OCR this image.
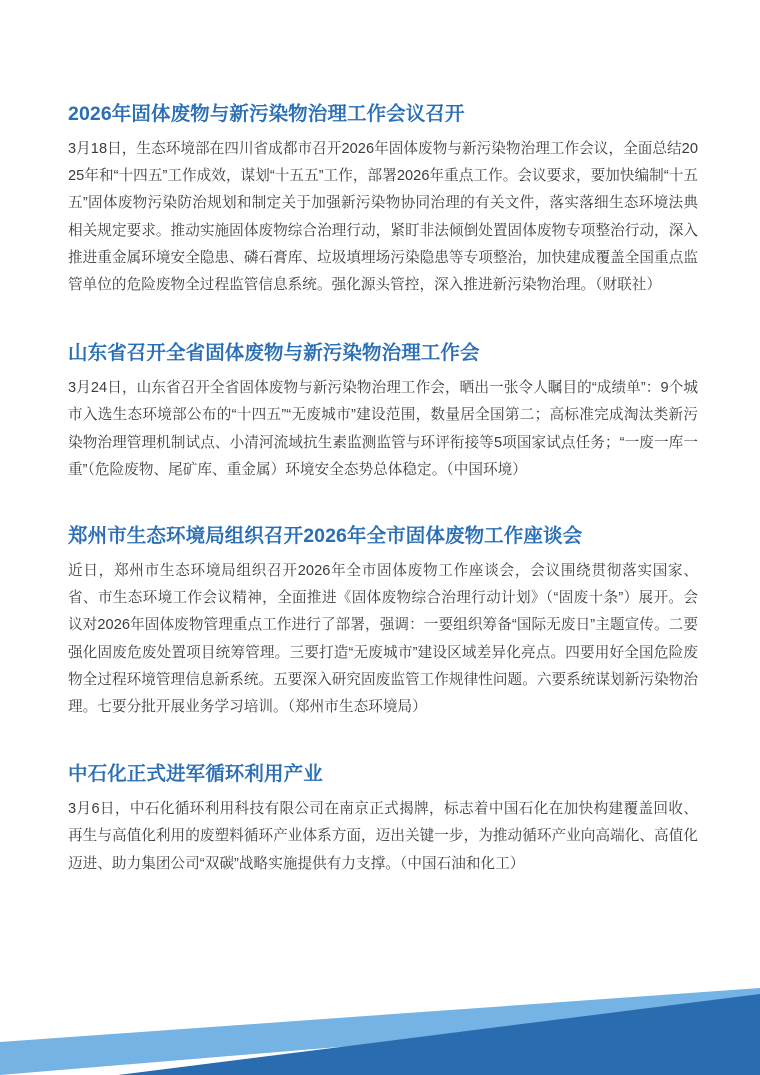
2026年固体废物与新污染物治理工作会议召开

3月18日，生态环境部在四川省成都市召开2026年固体废物与新污染物治理工作会议，全面总结2025年和“十四五”工作成效，谋划“十五五”工作，部署2026年重点工作。会议要求，要加快编制“十五五”固体废物污染防治规划和制定关于加强新污染物协同治理的有关文件，落实落细生态环境法典相关规定要求。推动实施固体废物综合治理行动，紧盯非法倾倒处置固体废物专项整治行动，深入推进重金属环境安全隐患、磷石膏库、垃圾填埋场污染隐患等专项整治，加快建成覆盖全国重点监管单位的危险废物全过程监管信息系统。强化源头管控，深入推进新污染物治理。（财联社）

山东省召开全省固体废物与新污染物治理工作会

3月24日，山东省召开全省固体废物与新污染物治理工作会，晒出一张令人瞩目的“成绩单”：9个城市入选生态环境部公布的“十四五”“无废城市”建设范围，数量居全国第二；高标准完成淘汰类新污染物治理管理机制试点、小清河流域抗生素监测监管与环评衔接等5项国家试点任务；“一废一库一重”（危险废物、尾矿库、重金属）环境安全态势总体稳定。（中国环境）

郑州市生态环境局组织召开2026年全市固体废物工作座谈会

近日，郑州市生态环境局组织召开2026年全市固体废物工作座谈会，会议围绕贯彻落实国家、省、市生态环境工作会议精神，全面推进《固体废物综合治理行动计划》（“固废十条”）展开。会议对2026年固体废物管理重点工作进行了部署，强调：一要组织筹备“国际无废日”主题宣传。二要强化固废危废处置项目统筹管理。三要打造“无废城市”建设区域差异化亮点。四要用好全国危险废物全过程环境管理信息新系统。五要深入研究固废监管工作规律性问题。六要系统谋划新污染物治理。七要分批开展业务学习培训。（郑州市生态环境局）

中石化正式进军循环利用产业

3月6日，中石化循环利用科技有限公司在南京正式揭牌，标志着中国石化在加快构建覆盖回收、再生与高值化利用的废塑料循环产业体系方面，迈出关键一步，为推动循环产业向高端化、高值化迈进、助力集团公司“双碳”战略实施提供有力支撑。（中国石油和化工）
